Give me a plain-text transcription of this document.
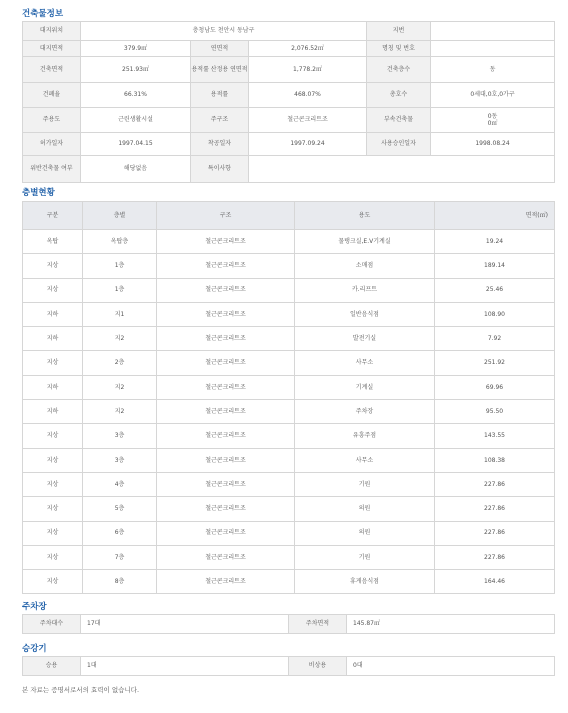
건축물정보
대지위치	충청남도 천안시 동남구			지번	
대지면적	379.9㎡	연면적	2,076.52㎡	명칭 및 번호	
건축면적	251.93㎡	용적률 산정용 연면적	1,778.2㎡	건축층수	동
건폐율	66.31%	용적률	468.07%	총호수	0세대,0호,0가구
주용도	근린생활시설	주구조	철근콘크리트조	부속건축물	0동
0㎡

허가일자	1997.04.15	착공일자	1997.09.24	사용승인일자	1998.08.24
위반건축물 여부	해당없음	특이사항			
층별현황
구분	층별	구조	용도	면적(㎡)
옥탑	옥탑층	철근콘크리트조	물탱크실,E.V기계실	19.24
지상	1층	철근콘크리트조	소매점	189.14
지상	1층	철근콘크리트조	카.리프트	25.46
지하	지1	철근콘크리트조	일반음식점	108.90
지하	지2	철근콘크리트조	발전기실	7.92
지상	2층	철근콘크리트조	사무소	251.92
지하	지2	철근콘크리트조	기계실	69.96
지하	지2	철근콘크리트조	주차장	95.50
지상	3층	철근콘크리트조	유흥주점	143.55
지상	3층	철근콘크리트조	사무소	108.38
지상	4층	철근콘크리트조	기원	227.86
지상	5층	철근콘크리트조	의원	227.86
지상	6층	철근콘크리트조	의원	227.86
지상	7층	철근콘크리트조	기원	227.86
지상	8층	철근콘크리트조	휴게음식점	164.46
주차장
주차대수	17대	주차면적	145.87㎡
승강기
승용	1대	비상용	0대
본 자료는 증명서로서의 효력이 없습니다.
